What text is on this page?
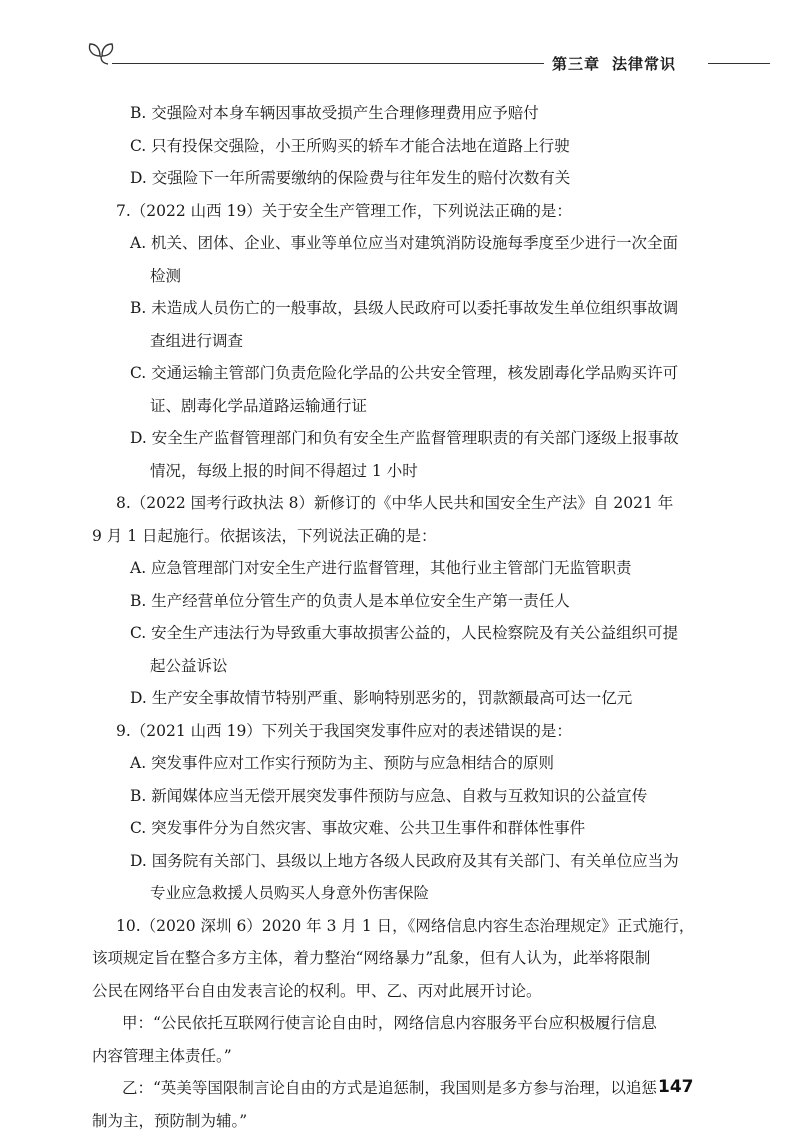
第三章 法律常识
B. 交强险对本身车辆因事故受损产生合理修理费用应予赔付
C. 只有投保交强险，小王所购买的轿车才能合法地在道路上行驶
D. 交强险下一年所需要缴纳的保险费与往年发生的赔付次数有关
7.（2022 山西 19）关于安全生产管理工作，下列说法正确的是：
A. 机关、团体、企业、事业等单位应当对建筑消防设施每季度至少进行一次全面
检测
B. 未造成人员伤亡的一般事故，县级人民政府可以委托事故发生单位组织事故调
查组进行调查
C. 交通运输主管部门负责危险化学品的公共安全管理，核发剧毒化学品购买许可
证、剧毒化学品道路运输通行证
D. 安全生产监督管理部门和负有安全生产监督管理职责的有关部门逐级上报事故
情况，每级上报的时间不得超过 1 小时
8.（2022 国考行政执法 8）新修订的《中华人民共和国安全生产法》自 2021 年
9 月 1 日起施行。依据该法，下列说法正确的是：
A. 应急管理部门对安全生产进行监督管理，其他行业主管部门无监管职责
B. 生产经营单位分管生产的负责人是本单位安全生产第一责任人
C. 安全生产违法行为导致重大事故损害公益的，人民检察院及有关公益组织可提
起公益诉讼
D. 生产安全事故情节特别严重、影响特别恶劣的，罚款额最高可达一亿元
9.（2021 山西 19）下列关于我国突发事件应对的表述错误的是：
A. 突发事件应对工作实行预防为主、预防与应急相结合的原则
B. 新闻媒体应当无偿开展突发事件预防与应急、自救与互救知识的公益宣传
C. 突发事件分为自然灾害、事故灾难、公共卫生事件和群体性事件
D. 国务院有关部门、县级以上地方各级人民政府及其有关部门、有关单位应当为
专业应急救援人员购买人身意外伤害保险
10.（2020 深圳 6）2020 年 3 月 1 日，《网络信息内容生态治理规定》正式施行，
该项规定旨在整合多方主体，着力整治“网络暴力”乱象，但有人认为，此举将限制
公民在网络平台自由发表言论的权利。甲、乙、丙对此展开讨论。
甲：“公民依托互联网行使言论自由时，网络信息内容服务平台应积极履行信息
内容管理主体责任。”
乙：“英美等国限制言论自由的方式是追惩制，我国则是多方参与治理，以追惩
制为主，预防制为辅。”
147
